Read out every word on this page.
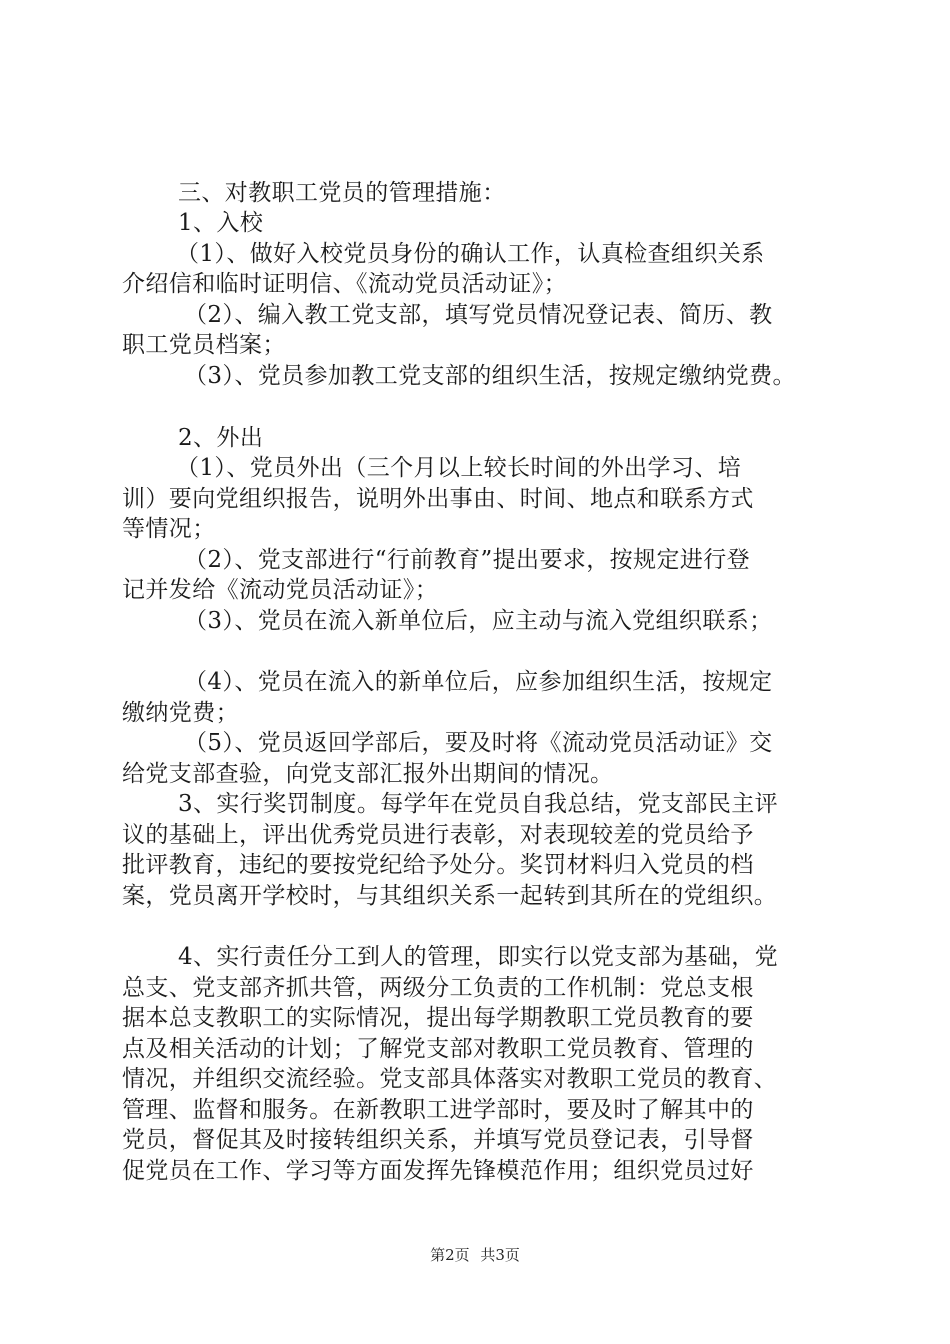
三、对教职工党员的管理措施：
1、入校
（1）、做好入校党员身份的确认工作，认真检查组织关系
介绍信和临时证明信、《流动党员活动证》；
（2）、编入教工党支部，填写党员情况登记表、简历、教
职工党员档案；
（3）、党员参加教工党支部的组织生活，按规定缴纳党费。
2、外出
（1）、党员外出（三个月以上较长时间的外出学习、培
训）要向党组织报告，说明外出事由、时间、地点和联系方式
等情况；
（2）、党支部进行“行前教育”提出要求，按规定进行登
记并发给《流动党员活动证》；
（3）、党员在流入新单位后，应主动与流入党组织联系；
（4）、党员在流入的新单位后，应参加组织生活，按规定
缴纳党费；
（5）、党员返回学部后，要及时将《流动党员活动证》交
给党支部查验，向党支部汇报外出期间的情况。
3、实行奖罚制度。每学年在党员自我总结，党支部民主评
议的基础上，评出优秀党员进行表彰，对表现较差的党员给予
批评教育，违纪的要按党纪给予处分。奖罚材料归入党员的档
案，党员离开学校时，与其组织关系一起转到其所在的党组织。
4、实行责任分工到人的管理，即实行以党支部为基础，党
总支、党支部齐抓共管，两级分工负责的工作机制：党总支根
据本总支教职工的实际情况，提出每学期教职工党员教育的要
点及相关活动的计划；了解党支部对教职工党员教育、管理的
情况，并组织交流经验。党支部具体落实对教职工党员的教育、
管理、监督和服务。在新教职工进学部时，要及时了解其中的
党员，督促其及时接转组织关系，并填写党员登记表，引导督
促党员在工作、学习等方面发挥先锋模范作用；组织党员过好
第2页 共3页
